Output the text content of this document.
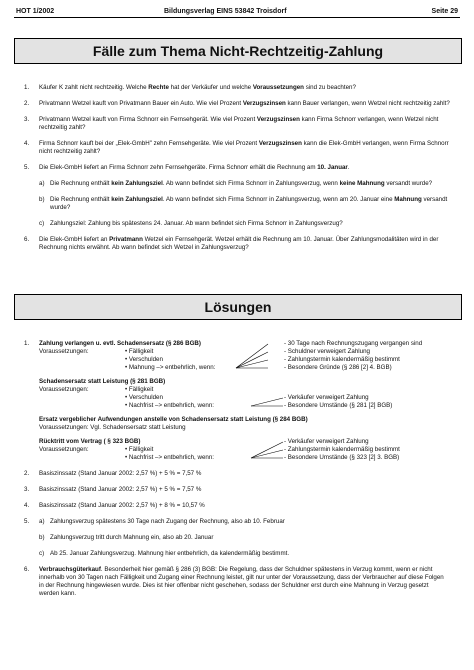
HOT 1/2002	Bildungsverlag EINS 53842 Troisdorf	Seite 29
Fälle zum Thema Nicht-Rechtzeitig-Zahlung
1. Käufer K zahlt nicht rechtzeitig. Welche Rechte hat der Verkäufer und welche Voraussetzungen sind zu beachten?

2. Privatmann Wetzel kauft von Privatmann Bauer ein Auto. Wie viel Prozent Verzugszinsen kann Bauer verlangen, wenn Wetzel nicht rechtzeitig zahlt?

3. Privatmann Wetzel kauft von Firma Schnorr ein Fernsehgerät. Wie viel Prozent Verzugszinsen kann Firma Schnorr verlangen, wenn Wetzel nicht rechtzeitig zahlt?

4. Firma Schnorr kauft bei der „Elek-GmbH" zehn Fernsehgeräte. Wie viel Prozent Verzugszinsen kann die Elek-GmbH verlangen, wenn Firma Schnorr nicht rechtzeitig zahlt?

5. Die Elek-GmbH liefert an Firma Schnorr zehn Fernsehgeräte. Firma Schnorr erhält die Rechnung am 10. Januar.

a) Die Rechnung enthält kein Zahlungsziel. Ab wann befindet sich Firma Schnorr in Zahlungsverzug, wenn keine Mahnung versandt wurde?

b) Die Rechnung enthält kein Zahlungsziel. Ab wann befindet sich Firma Schnorr in Zahlungsverzug, wenn am 20. Januar eine Mahnung versandt wurde?

c) Zahlungsziel: Zahlung bis spätestens 24. Januar. Ab wann befindet sich Firma Schnorr in Zahlungsverzug?

6. Die Elek-GmbH liefert an Privatmann Wetzel ein Fernsehgerät. Wetzel erhält die Rechnung am 10. Januar. Über Zahlungsmodalitäten wird in der Rechnung nichts erwähnt. Ab wann befindet sich Wetzel in Zahlungsverzug?

Lösungen
1. Zahlung verlangen u. evtl. Schadensersatz (§ 286 BGB)	- 30 Tage nach Rechnungszugang vergangen sind
Voraussetzungen:	• Fälligkeit	- Schuldner verweigert Zahlung
• Verschulden	- Zahlungstermin kalendermäßig bestimmt
• Mahnung –> entbehrlich, wenn:	- Besondere Gründe (§ 286 [2] 4. BGB)
Schadensersatz statt Leistung (§ 281 BGB)
Voraussetzungen:	• Fälligkeit
• Verschulden	- Verkäufer verweigert Zahlung
• Nachfrist –> entbehrlich, wenn:	- Besondere Umstände (§ 281 [2] BGB)
Ersatz vergeblicher Aufwendungen anstelle von Schadensersatz statt Leistung (§ 284 BGB)
Voraussetzungen: Vgl. Schadensersatz statt Leistung
Rücktritt vom Vertrag ( § 323 BGB)	- Verkäufer verweigert Zahlung
Voraussetzungen:	• Fälligkeit	- Zahlungstermin kalendermäßig bestimmt
• Nachfrist –> entbehrlich, wenn:	- Besondere Umstände (§ 323 [2] 3. BGB)
2. Basiszinssatz (Stand Januar 2002: 2,57 %) + 5 % = 7,57 %

3. Basiszinssatz (Stand Januar 2002: 2,57 %) + 5 % = 7,57 %

4. Basiszinssatz (Stand Januar 2002: 2,57 %) + 8 % = 10,57 %

5. a) Zahlungsverzug spätestens 30 Tage nach Zugang der Rechnung, also ab 10. Februar

b) Zahlungsverzug tritt durch Mahnung ein, also ab 20. Januar

c) Ab 25. Januar Zahlungsverzug. Mahnung hier entbehrlich, da kalendermäßig bestimmt.

6. Verbrauchsgüterkauf. Besonderheit hier gemäß § 286 (3) BGB: Die Regelung, dass der Schuldner spätestens in Verzug kommt, wenn er nicht innerhalb von 30 Tagen nach Fälligkeit und Zugang einer Rechnung leistet, gilt nur unter der Voraussetzung, dass der Verbraucher auf diese Folgen in der Rechnung hingewiesen wurde. Dies ist hier offenbar nicht geschehen, sodass der Schuldner erst durch eine Mahnung in Verzug gesetzt werden kann.
